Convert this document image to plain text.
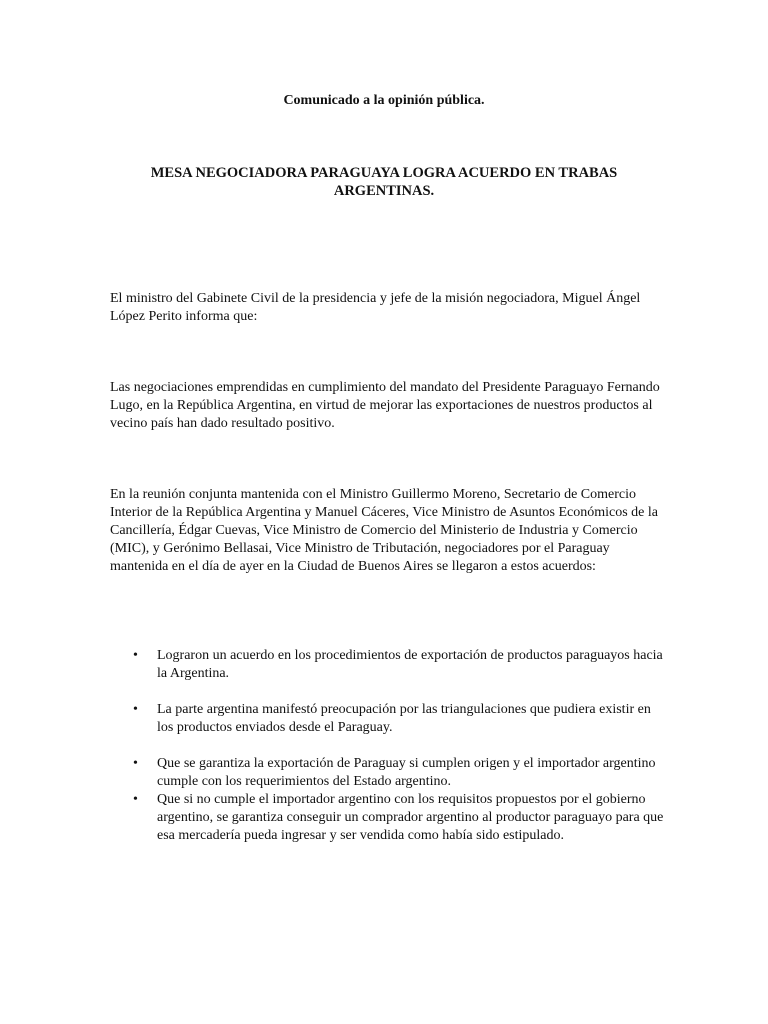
Comunicado a la opinión pública.
MESA NEGOCIADORA PARAGUAYA LOGRA ACUERDO EN TRABAS ARGENTINAS.

El ministro del Gabinete Civil de la presidencia y jefe de la misión negociadora, Miguel Ángel López Perito informa que:

Las negociaciones emprendidas en cumplimiento del mandato del Presidente Paraguayo Fernando Lugo, en la República Argentina, en virtud de mejorar las exportaciones de nuestros productos al vecino país han dado resultado positivo.

En la reunión conjunta mantenida con el Ministro Guillermo Moreno, Secretario de Comercio Interior de la República Argentina y Manuel Cáceres, Vice Ministro de Asuntos Económicos de la Cancillería, Édgar Cuevas, Vice Ministro de Comercio del Ministerio de Industria y Comercio (MIC), y Gerónimo Bellasai, Vice Ministro de Tributación, negociadores por el Paraguay mantenida en el día de ayer en la Ciudad de Buenos Aires se llegaron a estos acuerdos:

• Lograron un acuerdo en los procedimientos de exportación de productos paraguayos hacia la Argentina.
• La parte argentina manifestó preocupación por las triangulaciones que pudiera existir en los productos enviados desde el Paraguay.
• Que se garantiza la exportación de Paraguay si cumplen origen y el importador argentino cumple con los requerimientos del Estado argentino.
• Que si no cumple el importador argentino con los requisitos propuestos por el gobierno argentino, se garantiza conseguir un comprador argentino al productor paraguayo para que esa mercadería pueda ingresar y ser vendida como había sido estipulado.
